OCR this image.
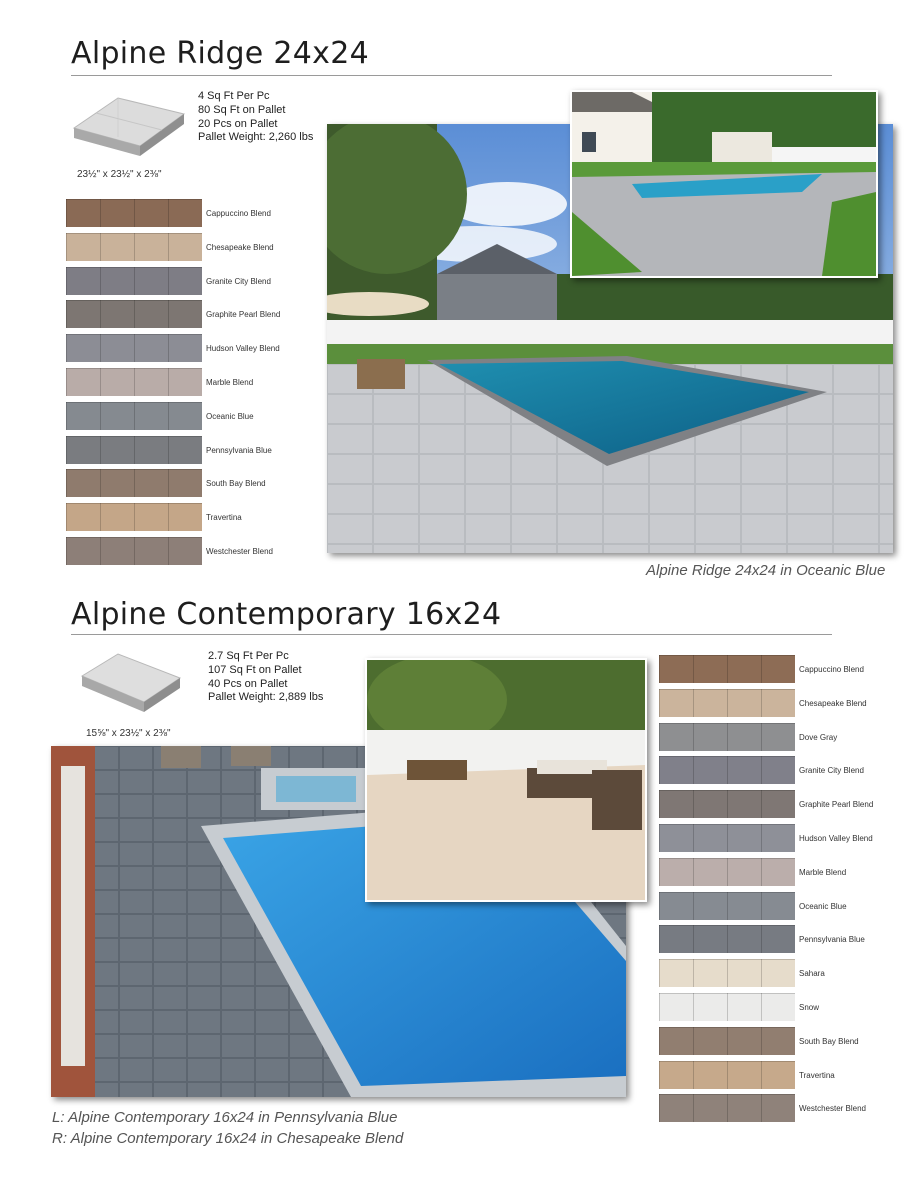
Alpine Ridge 24x24
23½" x 23½" x 2⅜"
4 Sq Ft Per Pc
80 Sq Ft on Pallet
20 Pcs on Pallet
Pallet Weight: 2,260 lbs
Cappuccino Blend
Chesapeake Blend
Granite City Blend
Graphite Pearl Blend
Hudson Valley Blend
Marble Blend
Oceanic Blue
Pennsylvania Blue
South Bay Blend
Travertina
Westchester Blend
Alpine Ridge 24x24 in Oceanic Blue
Alpine Contemporary 16x24
15⅝" x 23½" x 2⅜"
2.7 Sq Ft Per Pc
107 Sq Ft on Pallet
40 Pcs on Pallet
Pallet Weight: 2,889 lbs
Cappuccino Blend
Chesapeake Blend
Dove Gray
Granite City Blend
Graphite Pearl Blend
Hudson Valley Blend
Marble Blend
Oceanic Blue
Pennsylvania Blue
Sahara
Snow
South Bay Blend
Travertina
Westchester Blend
L: Alpine Contemporary 16x24 in Pennsylvania Blue
R: Alpine Contemporary 16x24 in Chesapeake Blend
